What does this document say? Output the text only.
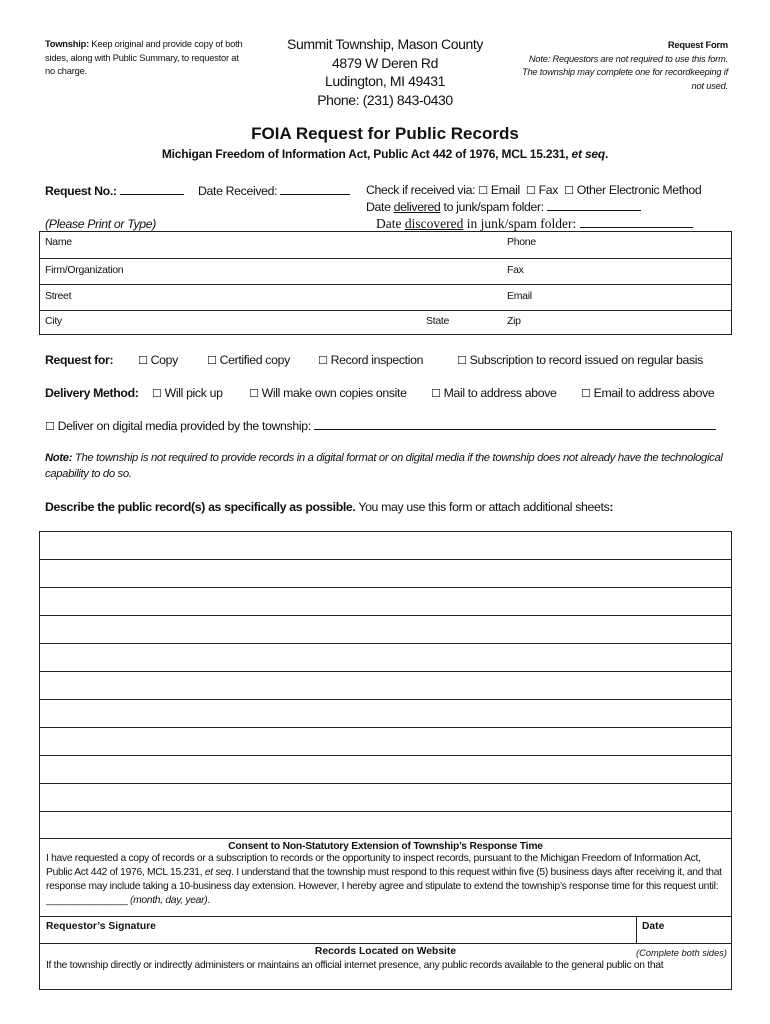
Township: Keep original and provide copy of both sides, along with Public Summary, to requestor at no charge.
Summit Township, Mason County
4879 W Deren Rd
Ludington, MI 49431
Phone: (231) 843-0430
Request Form
Note: Requestors are not required to use this form. The township may complete one for recordkeeping if not used.
FOIA Request for Public Records
Michigan Freedom of Information Act, Public Act 442 of 1976, MCL 15.231, et seq.
Request No.:	Date Received:	Check if received via: ☐ Email ☐ Fax ☐ Other Electronic Method
Date delivered to junk/spam folder:
(Please Print or Type)	Date discovered in junk/spam folder:
Name	Phone
Firm/Organization	Fax
Street	Email
City	State	Zip
Request for: ☐ Copy	☐ Certified copy	☐ Record inspection	☐ Subscription to record issued on regular basis
Delivery Method: ☐ Will pick up ☐ Will make own copies onsite ☐ Mail to address above ☐ Email to address above
☐ Deliver on digital media provided by the township:
Note: The township is not required to provide records in a digital format or on digital media if the township does not already have the technological capability to do so.
Describe the public record(s) as specifically as possible. You may use this form or attach additional sheets:
Consent to Non-Statutory Extension of Township’s Response Time
I have requested a copy of records or a subscription to records or the opportunity to inspect records, pursuant to the Michigan Freedom of Information Act, Public Act 442 of 1976, MCL 15.231, et seq. I understand that the township must respond to this request within five (5) business days after receiving it, and that response may include taking a 10-business day extension. However, I hereby agree and stipulate to extend the township’s response time for this request until: _______________ (month, day, year).
Requestor’s Signature	Date
Records Located on Website	(Complete both sides)
If the township directly or indirectly administers or maintains an official internet presence, any public records available to the general public on that
